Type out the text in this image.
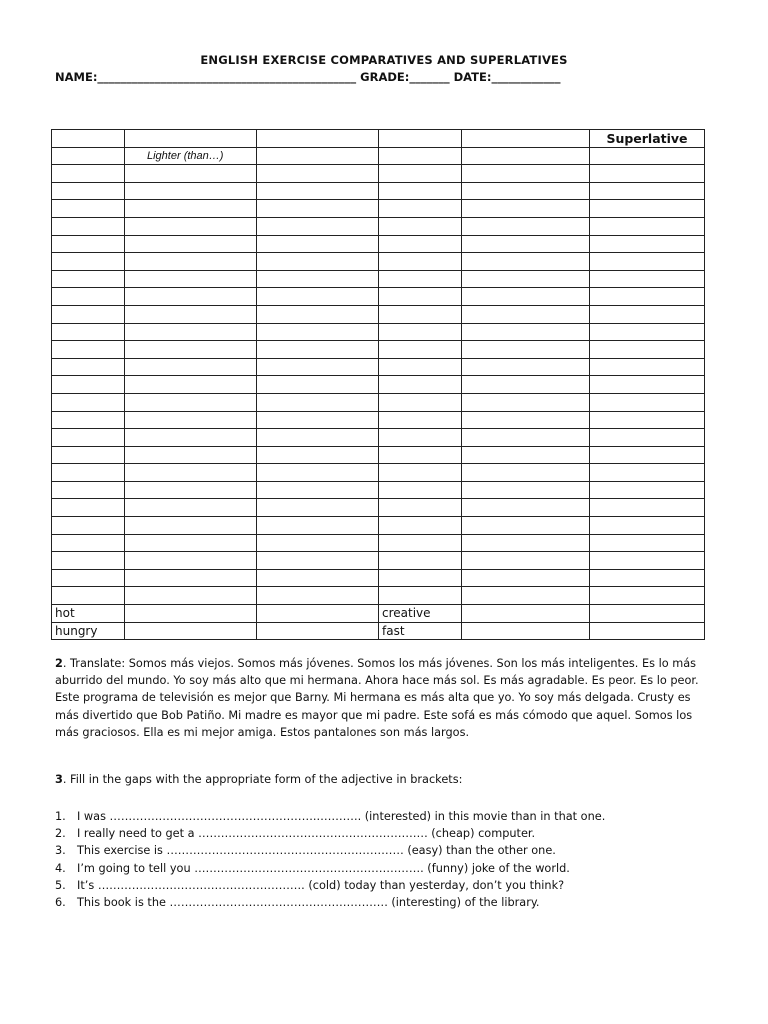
ENGLISH EXERCISE COMPARATIVES AND SUPERLATIVES
NAME:_____________________________________________ GRADE:_______ DATE:____________
					Superlative
	Lighter (than…)				

hot			creative		
hungry			fast		
2. Translate: Somos más viejos. Somos más jóvenes. Somos los más jóvenes. Son los más inteligentes. Es lo más aburrido del mundo. Yo soy más alto que mi hermana. Ahora hace más sol. Es más agradable. Es peor. Es lo peor. Este programa de televisión es mejor que Barny. Mi hermana es más alta que yo. Yo soy más delgada. Crusty es más divertido que Bob Patiño. Mi madre es mayor que mi padre. Este sofá es más cómodo que aquel. Somos los más graciosos. Ella es mi mejor amiga. Estos pantalones son más largos.
3. Fill in the gaps with the appropriate form of the adjective in brackets:
1. I was ………………………………………………..……….. (interested) in this movie than in that one.
2. I really need to get a ……………………………………………………. (cheap) computer.
3. This exercise is ……………………………………………………… (easy) than the other one.
4. I’m going to tell you ……………………………………………………. (funny) joke of the world.
5. It’s ………………………………………………. (cold) today than yesterday, don’t you think?
6. This book is the …………………………………………………. (interesting) of the library.
